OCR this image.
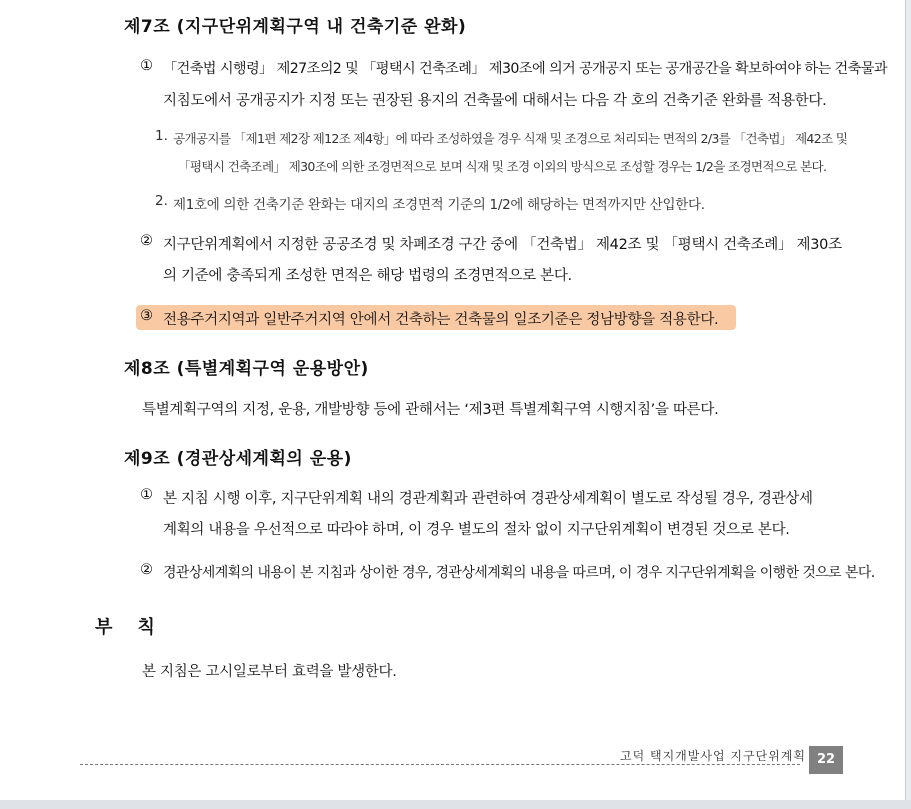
제7조 (지구단위계획구역 내 건축기준 완화)
① 「건축법 시행령」 제27조의2 및 「평택시 건축조례」 제30조에 의거 공개공지 또는 공개공간을 확보하여야 하는 건축물과
지침도에서 공개공지가 지정 또는 권장된 용지의 건축물에 대해서는 다음 각 호의 건축기준 완화를 적용한다.
1. 공개공지를 「제1편 제2장 제12조 제4항」에 따라 조성하였을 경우 식재 및 조경으로 처리되는 면적의 2/3를 「건축법」 제42조 및
「평택시 건축조례」 제30조에 의한 조경면적으로 보며 식재 및 조경 이외의 방식으로 조성할 경우는 1/2을 조경면적으로 본다.
2. 제1호에 의한 건축기준 완화는 대지의 조경면적 기준의 1/2에 해당하는 면적까지만 산입한다.
② 지구단위계획에서 지정한 공공조경 및 차폐조경 구간 중에 「건축법」 제42조 및 「평택시 건축조례」 제30조
의 기준에 충족되게 조성한 면적은 해당 법령의 조경면적으로 본다.
③ 전용주거지역과 일반주거지역 안에서 건축하는 건축물의 일조기준은 정남방향을 적용한다.
제8조 (특별계획구역 운용방안)
특별계획구역의 지정, 운용, 개발방향 등에 관해서는 ‘제3편 특별계획구역 시행지침’을 따른다.
제9조 (경관상세계획의 운용)
① 본 지침 시행 이후, 지구단위계획 내의 경관계획과 관련하여 경관상세계획이 별도로 작성될 경우, 경관상세
계획의 내용을 우선적으로 따라야 하며, 이 경우 별도의 절차 없이 지구단위계획이 변경된 것으로 본다.
② 경관상세계획의 내용이 본 지침과 상이한 경우, 경관상세계획의 내용을 따르며, 이 경우 지구단위계획을 이행한 것으로 본다.
부    칙
본 지침은 고시일로부터 효력을 발생한다.
고덕 택지개발사업 지구단위계획 22
